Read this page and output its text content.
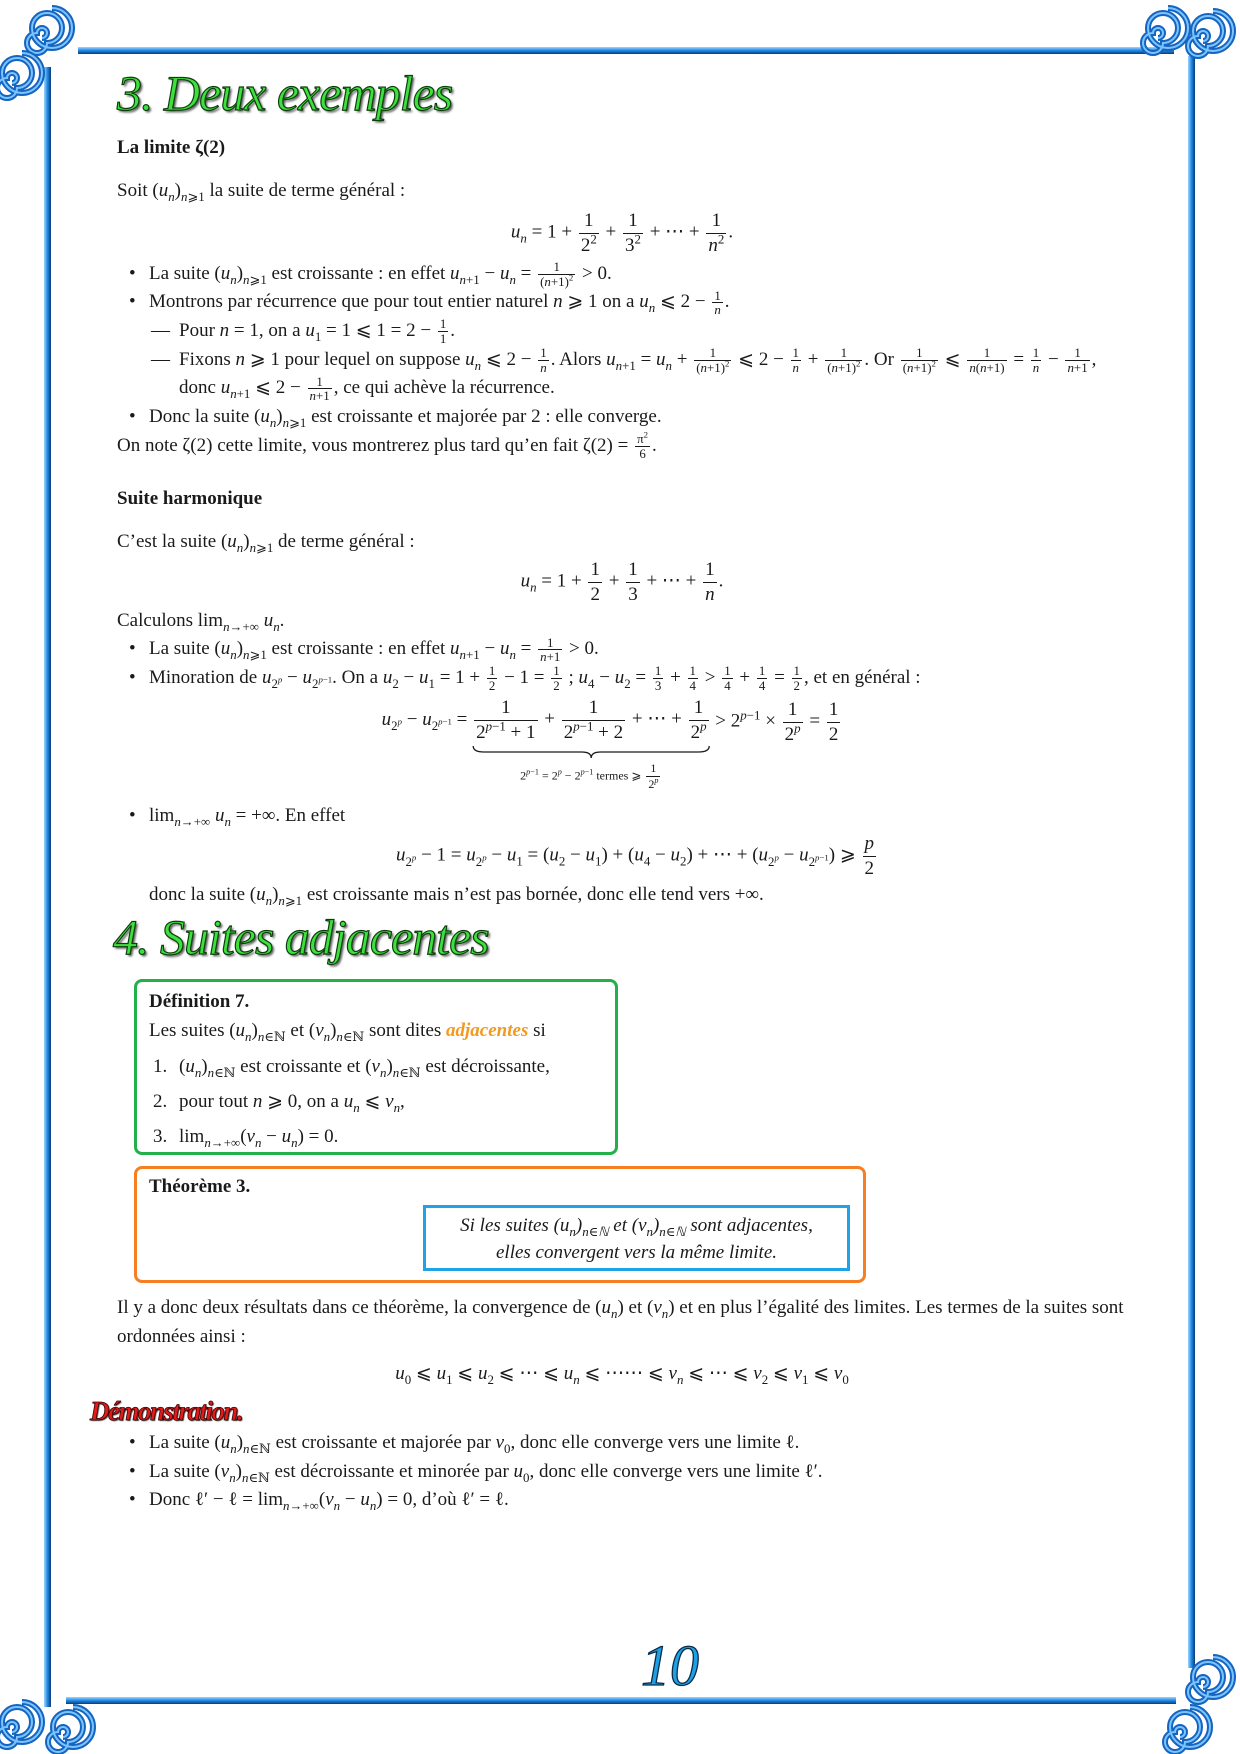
3. Deux exemples
La limite ζ(2)
Soit $(u_n)_{n⩾1}$ la suite de terme général :
$u_n = 1 + \frac{1}{2^2} + \frac{1}{3^2}$ + ⋯ + $\frac{1}{n^2}$ .
• La suite $(u_n)_{n⩾1}$ est croissante : en effet $u_{n+1} - u_n = \frac{1}{(n+1)^2} > 0$.
• Montrons par récurrence que pour tout entier naturel n ⩾ 1 on a $u_n$ ⩽ $2 - \frac{1}{n}$ .
— Pour n = 1, on a $u_1 = 1$ ⩽ $1 = 2 - \frac{1}{1}$ .
— Fixons n ⩾ 1 pour lequel on suppose $u_n$ ⩽ $2 - \frac{1}{n}$ . Alors $u_{n+1} = u_n + \frac{1}{(n+1)^2}$ ⩽ $2 - \frac{1}{n} + \frac{1}{(n+1)^2}$ . Or $\frac{1}{(n+1)^2}$ ⩽ $\frac{1}{n(n+1)} = \frac{1}{n} - \frac{1}{n+1}$ , donc $u_{n+1}$ ⩽ $2 - \frac{1}{n+1}$ , ce qui achève la récurrence.
• Donc la suite $(u_n)_{n⩾1}$ est croissante et majorée par 2 : elle converge.
On note ζ(2) cette limite, vous montrerez plus tard qu’en fait $\zeta(2) = \frac{\pi^2}{6}$ .
Suite harmonique
C’est la suite $(u_n)_{n⩾1}$ de terme général :
$u_n = 1 + \frac{1}{2} + \frac{1}{3}$ + ⋯ + $\frac{1}{n}$ .
Calculons $\lim_{n\to+\infty} u_n$.
• La suite $(u_n)_{n⩾1}$ est croissante : en effet $u_{n+1} - u_n = \frac{1}{n+1} > 0$.
• Minoration de $u_{2^p} - u_{2^{p-1}}$. On a $u_2 - u_1 = 1 + \frac{1}{2} - 1 = \frac{1}{2}$ ; $u_4 - u_2 = \frac{1}{3} + \frac{1}{4} > \frac{1}{4} + \frac{1}{4} = \frac{1}{2}$ , et en général :
$u_{2^p} - u_{2^{p-1}} = \frac{1}{2^{p-1} + 1} + \frac{1}{2^{p-1} + 2}$ + ⋯ + $\frac{1}{2^p}$
$2^{p-1} = 2^p - 2^{p-1}$ termes ⩾ $\frac{1}{2^p}$
> $2^{p-1} \times \frac{1}{2^p} = \frac{1}{2}$
• $\lim_{n\to+\infty} u_n$ = +∞. En effet
$u_{2^p} - 1 = u_{2^p} - u_1 = (u_2 - u_1) + (u_4 - u_2)$ + ⋯ + $(u_{2^p} - u_{2^{p-1}})$ ⩾ $\frac{p}{2}$
donc la suite $(u_n)_{n⩾1}$ est croissante mais n’est pas bornée, donc elle tend vers +∞.
4. Suites adjacentes
Définition 7.
Les suites $(u_n)_{n\in ℕ}$ et $(v_n)_{n\in ℕ}$ sont dites adjacentes si
1. $(u_n)_{n\in ℕ}$ est croissante et $(v_n)_{n\in ℕ}$ est décroissante,
2. pour tout n ⩾ 0, on a $u_n$ ⩽ $v_n$,
3. $\lim_{n\to+\infty}(v_n - u_n) = 0$.
Théorème 3.
Si les suites $(u_n)_{n\in ℕ}$ et $(v_n)_{n\in ℕ}$ sont adjacentes,
elles convergent vers la même limite.
Il y a donc deux résultats dans ce théorème, la convergence de $(u_n)$ et $(v_n)$ et en plus l’égalité des limites. Les termes de la suites sont ordonnées ainsi :
$u_0$ ⩽ $u_1$ ⩽ $u_2$ ⩽ ⋯ ⩽ $u_n$ ⩽ ⋯⋯ ⩽ $v_n$ ⩽ ⋯ ⩽ $v_2$ ⩽ $v_1$ ⩽ $v_0$
Démonstration.
• La suite $(u_n)_{n\in ℕ}$ est croissante et majorée par $v_0$, donc elle converge vers une limite ℓ.
• La suite $(v_n)_{n\in ℕ}$ est décroissante et minorée par $u_0$, donc elle converge vers une limite ℓ′.
• Donc ℓ′ − ℓ = $\lim_{n\to+\infty}(v_n - u_n) = 0$, d’où ℓ′ = ℓ.
10
